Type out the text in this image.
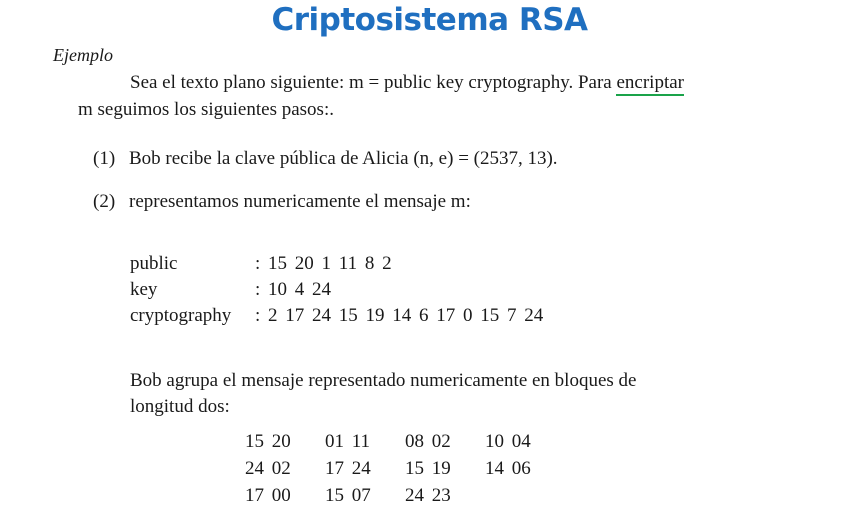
Criptosistema RSA
Ejemplo
Sea el texto plano siguiente: m = public key cryptography. Para encriptar
m seguimos los siguientes pasos:.
(1) Bob recibe la clave pública de Alicia (n, e) = (2537, 13).
(2) representamos numericamente el mensaje m:
public	: 15 20 1 11 8 2
key	: 10 4 24
cryptography	: 2 17 24 15 19 14 6 17 0 15 7 24
Bob agrupa el mensaje representado numericamente en bloques de
longitud dos:
15 20	01 11	08 02	10 04
24 02	17 24	15 19	14 06
17 00	15 07	24 23
